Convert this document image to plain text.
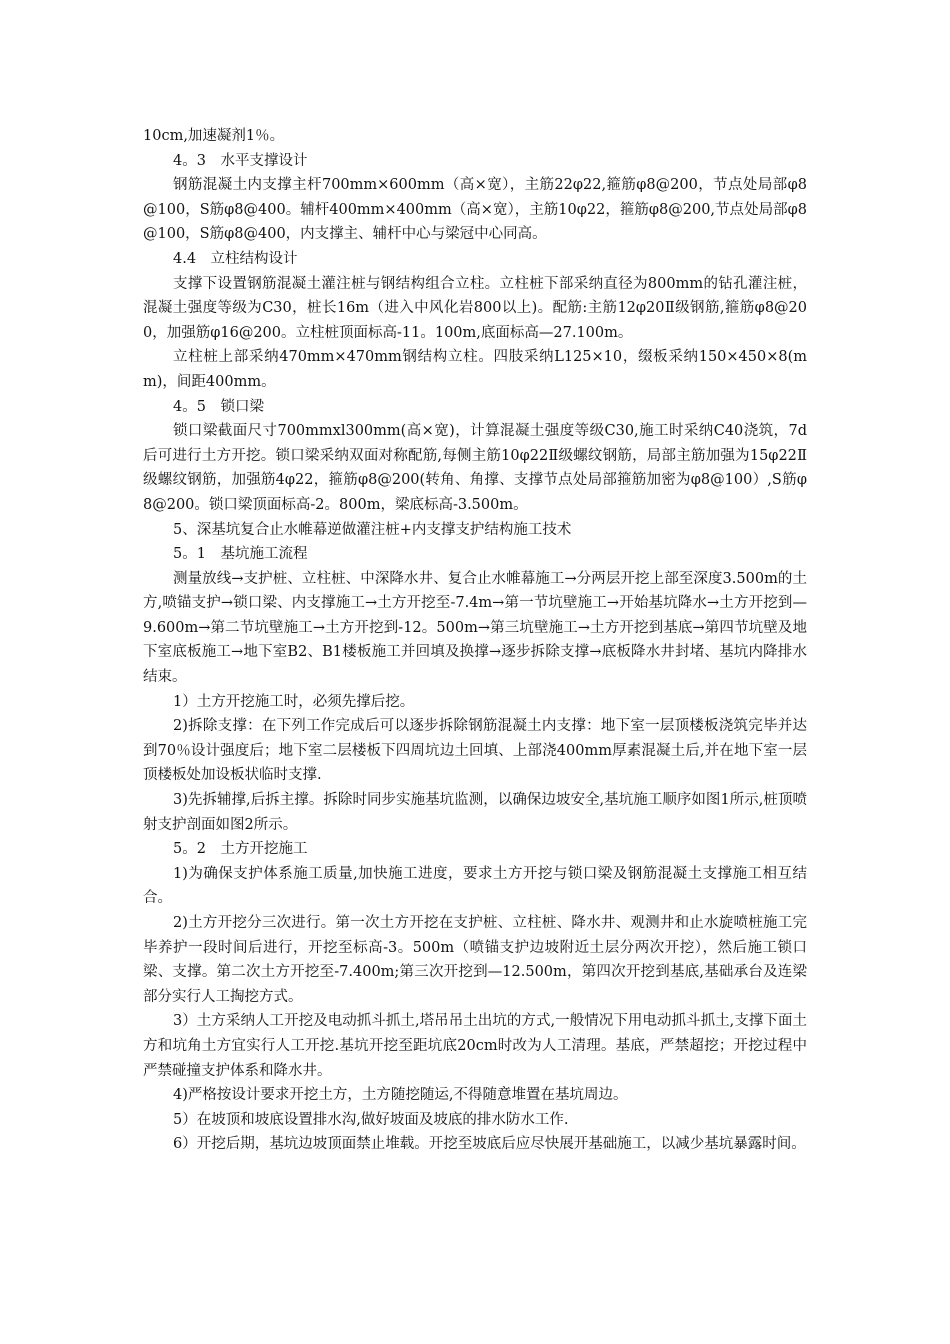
10cm,加速凝剂1％。

4。3　水平支撑设计

钢筋混凝土内支撑主杆700mm×600mm（高×宽），主筋22φ22,箍筋φ8@200，节点处局部φ8@100，S筋φ8@400。辅杆400mm×400mm（高×宽），主筋10φ22，箍筋φ8@200,节点处局部φ8@100，S筋φ8@400，内支撑主、辅杆中心与梁冠中心同高。

4.4　立柱结构设计

支撑下设置钢筋混凝土灌注桩与钢结构组合立柱。立柱桩下部采纳直径为800mm的钻孔灌注桩，混凝土强度等级为C30，桩长16m（进入中风化岩800以上)。配筋:主筋12φ20Ⅱ级钢筋,箍筋φ8@200，加强筋φ16@200。立柱桩顶面标高-11。100m,底面标高—27.100m。

立柱桩上部采纳470mm×470mm钢结构立柱。四肢采纳L125×10，缀板采纳150×450×8(mm)，间距400mm。

4。5　锁口梁

锁口梁截面尺寸700mmxl300mm(高×宽)，计算混凝土强度等级C30,施工时采纳C40浇筑，7d后可进行土方开挖。锁口梁采纳双面对称配筋,每侧主筋10φ22Ⅱ级螺纹钢筋，局部主筋加强为15φ22Ⅱ级螺纹钢筋，加强筋4φ22，箍筋φ8@200(转角、角撑、支撑节点处局部箍筋加密为φ8@100）,S筋φ8@200。锁口梁顶面标高-2。800m，梁底标高-3.500m。

5、深基坑复合止水帷幕逆做灌注桩+内支撑支护结构施工技术

5。1　基坑施工流程

测量放线→支护桩、立柱桩、中深降水井、复合止水帷幕施工→分两层开挖上部至深度3.500m的土方,喷锚支护→锁口梁、内支撑施工→土方开挖至-7.4m→第一节坑壁施工→开始基坑降水→土方开挖到—9.600m→第二节坑壁施工→土方开挖到-12。500m→第三坑壁施工→土方开挖到基底→第四节坑壁及地下室底板施工→地下室B2、B1楼板施工并回填及换撑→逐步拆除支撑→底板降水井封堵、基坑内降排水结束。

1）土方开挖施工时，必须先撑后挖。

2)拆除支撑：在下列工作完成后可以逐步拆除钢筋混凝土内支撑：地下室一层顶楼板浇筑完毕并达到70％设计强度后；地下室二层楼板下四周坑边土回填、上部浇400mm厚素混凝土后,并在地下室一层顶楼板处加设板状临时支撑.

3)先拆辅撑,后拆主撑。拆除时同步实施基坑监测，以确保边坡安全,基坑施工顺序如图1所示,桩顶喷射支护剖面如图2所示。

5。2　土方开挖施工

1)为确保支护体系施工质量,加快施工进度，要求土方开挖与锁口梁及钢筋混凝土支撑施工相互结合。

2)土方开挖分三次进行。第一次土方开挖在支护桩、立柱桩、降水井、观测井和止水旋喷桩施工完毕养护一段时间后进行，开挖至标高-3。500m（喷锚支护边坡附近土层分两次开挖），然后施工锁口梁、支撑。第二次土方开挖至-7.400m;第三次开挖到—12.500m，第四次开挖到基底,基础承台及连梁部分实行人工掏挖方式。

3）土方采纳人工开挖及电动抓斗抓土,塔吊吊土出坑的方式,一般情况下用电动抓斗抓土,支撑下面土方和坑角土方宜实行人工开挖.基坑开挖至距坑底20cm时改为人工清理。基底，严禁超挖；开挖过程中严禁碰撞支护体系和降水井。

4)严格按设计要求开挖土方，土方随挖随运,不得随意堆置在基坑周边。

5）在坡顶和坡底设置排水沟,做好坡面及坡底的排水防水工作.

6）开挖后期，基坑边坡顶面禁止堆载。开挖至坡底后应尽快展开基础施工，以减少基坑暴露时间。
